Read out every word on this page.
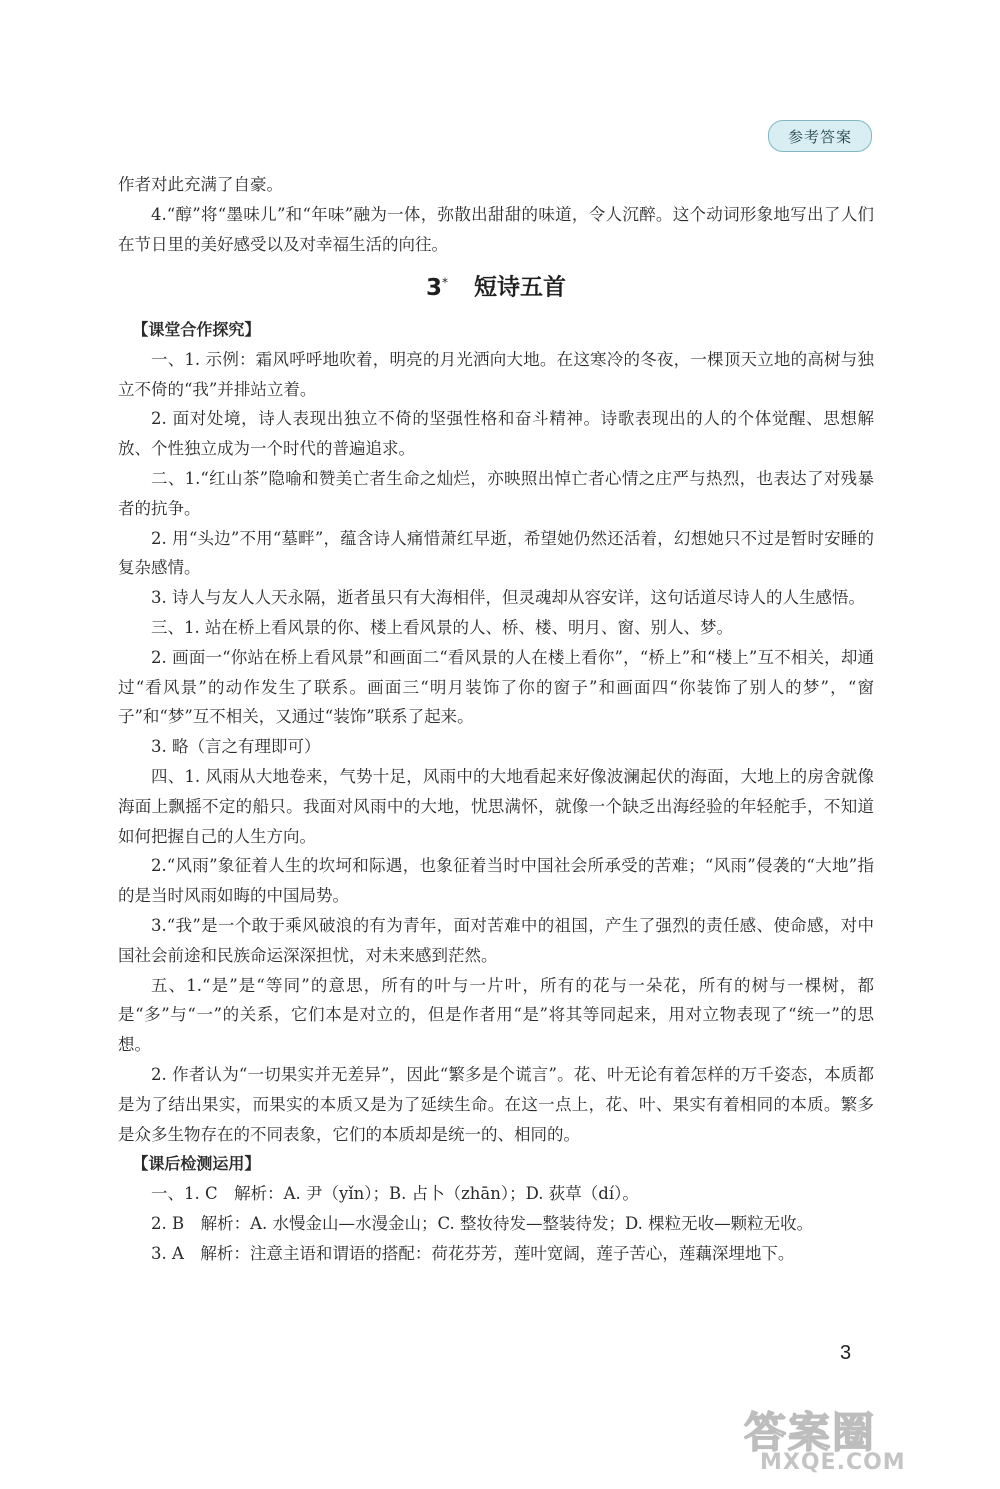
参考答案

作者对此充满了自豪。

4.“醇”将“墨味儿”和“年味”融为一体，弥散出甜甜的味道，令人沉醉。这个动词形象地写出了人们在节日里的美好感受以及对幸福生活的向往。

3* 短诗五首

【课堂合作探究】

一、1. 示例：霜风呼呼地吹着，明亮的月光洒向大地。在这寒冷的冬夜，一棵顶天立地的高树与独立不倚的“我”并排站立着。

2. 面对处境，诗人表现出独立不倚的坚强性格和奋斗精神。诗歌表现出的人的个体觉醒、思想解放、个性独立成为一个时代的普遍追求。

二、1.“红山茶”隐喻和赞美亡者生命之灿烂，亦映照出悼亡者心情之庄严与热烈，也表达了对残暴者的抗争。

2. 用“头边”不用“墓畔”，蕴含诗人痛惜萧红早逝，希望她仍然还活着，幻想她只不过是暂时安睡的复杂感情。

3. 诗人与友人人天永隔，逝者虽只有大海相伴，但灵魂却从容安详，这句话道尽诗人的人生感悟。

三、1. 站在桥上看风景的你、楼上看风景的人、桥、楼、明月、窗、别人、梦。

2. 画面一“你站在桥上看风景”和画面二“看风景的人在楼上看你”，“桥上”和“楼上”互不相关，却通过“看风景”的动作发生了联系。画面三“明月装饰了你的窗子”和画面四“你装饰了别人的梦”，“窗子”和“梦”互不相关，又通过“装饰”联系了起来。

3. 略（言之有理即可）

四、1. 风雨从大地卷来，气势十足，风雨中的大地看起来好像波澜起伏的海面，大地上的房舍就像海面上飘摇不定的船只。我面对风雨中的大地，忧思满怀，就像一个缺乏出海经验的年轻舵手，不知道如何把握自己的人生方向。

2.“风雨”象征着人生的坎坷和际遇，也象征着当时中国社会所承受的苦难；“风雨”侵袭的“大地”指的是当时风雨如晦的中国局势。

3.“我”是一个敢于乘风破浪的有为青年，面对苦难中的祖国，产生了强烈的责任感、使命感，对中国社会前途和民族命运深深担忧，对未来感到茫然。

五、1.“是”是“等同”的意思，所有的叶与一片叶，所有的花与一朵花，所有的树与一棵树，都是“多”与“一”的关系，它们本是对立的，但是作者用“是”将其等同起来，用对立物表现了“统一”的思想。

2. 作者认为“一切果实并无差异”，因此“繁多是个谎言”。花、叶无论有着怎样的万千姿态，本质都是为了结出果实，而果实的本质又是为了延续生命。在这一点上，花、叶、果实有着相同的本质。繁多是众多生物存在的不同表象，它们的本质却是统一的、相同的。

【课后检测运用】

一、1. C　解析：A. 尹（yǐn）；B. 占卜（zhān）；D. 荻草（dí）。

2. B　解析：A. 水慢金山—水漫金山；C. 整妆待发—整装待发；D. 棵粒无收—颗粒无收。

3. A　解析：注意主语和谓语的搭配：荷花芬芳，莲叶宽阔，莲子苦心，莲藕深埋地下。

3
答案圈
MXQE.COM
